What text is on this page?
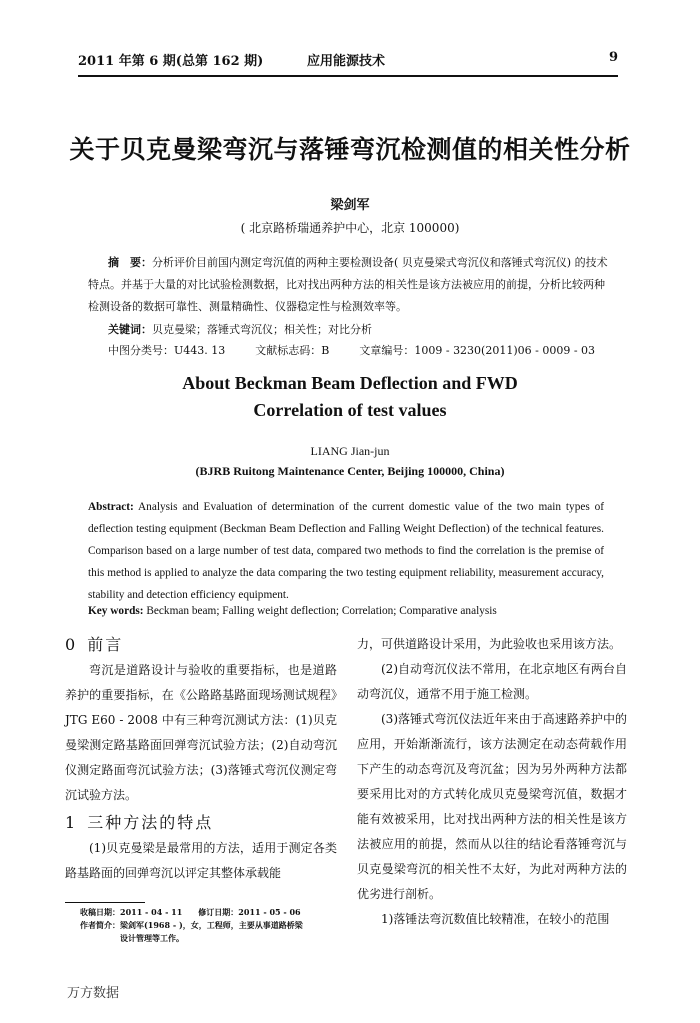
2011 年第 6 期(总第 162 期)	应用能源技术	9
关于贝克曼梁弯沉与落锤弯沉检测值的相关性分析
梁剑军
( 北京路桥瑞通养护中心，北京 100000)
摘　要：分析评价目前国内测定弯沉值的两种主要检测设备( 贝克曼梁式弯沉仪和落锤式弯沉仪) 的技术特点。并基于大量的对比试验检测数据，比对找出两种方法的相关性是该方法被应用的前提，分析比较两种检测设备的数据可靠性、测量精确性、仪器稳定性与检测效率等。
关键词：贝克曼梁；落锤式弯沉仪；相关性；对比分析
中图分类号：U443. 13	文献标志码：B	文章编号：1009 - 3230(2011)06 - 0009 - 03
About Beckman Beam Deflection and FWD
Correlation of test values
LIANG Jian-jun
(BJRB Ruitong Maintenance Center, Beijing 100000, China)
Abstract: Analysis and Evaluation of determination of the current domestic value of the two main types of deflection testing equipment (Beckman Beam Deflection and Falling Weight Deflection) of the technical features. Comparison based on a large number of test data, compared two methods to find the correlation is the premise of this method is applied to analyze the data comparing the two testing equipment reliability, measurement accuracy, stability and detection efficiency equipment.
Key words: Beckman beam; Falling weight deflection; Correlation; Comparative analysis
0 前言

弯沉是道路设计与验收的重要指标，也是道路养护的重要指标，在《公路路基路面现场测试规程》JTG E60 - 2008 中有三种弯沉测试方法：(1)贝克曼梁测定路基路面回弹弯沉试验方法；(2)自动弯沉仪测定路面弯沉试验方法；(3)落锤式弯沉仪测定弯沉试验方法。

1 三种方法的特点

(1)贝克曼梁是最常用的方法，适用于测定各类路基路面的回弹弯沉以评定其整体承载能

力，可供道路设计采用，为此验收也采用该方法。

(2)自动弯沉仪法不常用，在北京地区有两台自动弯沉仪，通常不用于施工检测。

(3)落锤式弯沉仪法近年来由于高速路养护中的应用，开始渐渐流行，该方法测定在动态荷载作用下产生的动态弯沉及弯沉盆；因为另外两种方法都要采用比对的方式转化成贝克曼梁弯沉值，数据才能有效被采用，比对找出两种方法的相关性是该方法被应用的前提，然而从以往的结论看落锤弯沉与贝克曼梁弯沉的相关性不太好，为此对两种方法的优劣进行剖析。

1)落锤法弯沉数值比较精准，在较小的范围

收稿日期：2011 - 04 - 11　　修订日期：2011 - 05 - 06
作者简介：梁剑军(1968 - )，女，工程师，主要从事道路桥梁
设计管理等工作。
万方数据
